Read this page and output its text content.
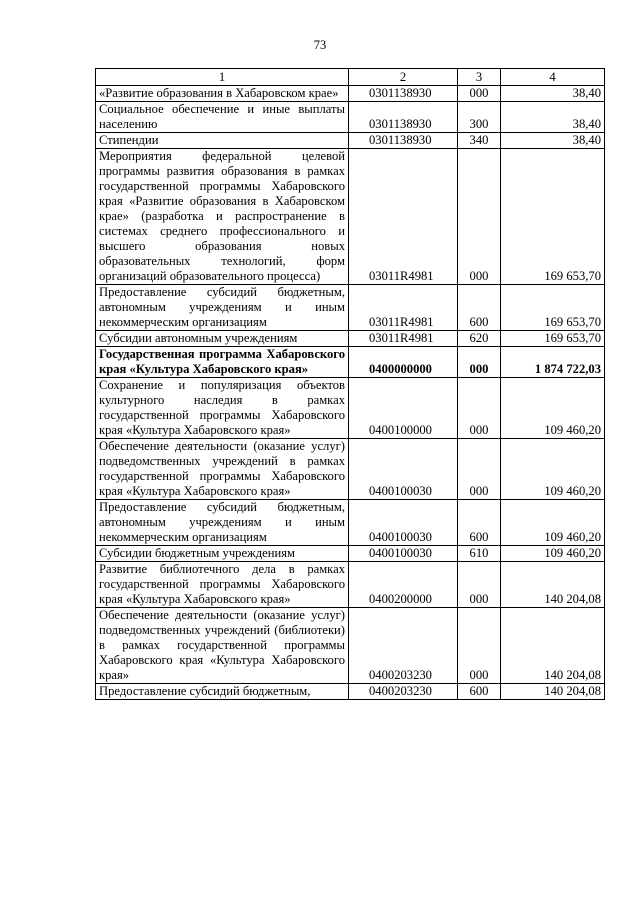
73
1	2	3	4
«Развитие образования в Хабаровском крае»	0301138930	000	38,40
Социальное обеспечение и иные выплаты населению	0301138930	300	38,40
Стипендии	0301138930	340	38,40
Мероприятия федеральной целевой программы развития образования в рамках государственной программы Хабаровского края «Развитие образования в Хабаровском крае» (разработка и распространение в системах среднего профессионального и высшего образования новых образовательных технологий, форм организаций образовательного процесса)	03011R4981	000	169 653,70
Предоставление субсидий бюджетным, автономным учреждениям и иным некоммерческим организациям	03011R4981	600	169 653,70
Субсидии автономным учреждениям	03011R4981	620	169 653,70
Государственная программа Хабаровского края «Культура Хабаровского края»	0400000000	000	1 874 722,03
Сохранение и популяризация объектов культурного наследия в рамках государственной программы Хабаровского края «Культура Хабаровского края»	0400100000	000	109 460,20
Обеспечение деятельности (оказание услуг) подведомственных учреждений в рамках государственной программы Хабаровского края «Культура Хабаровского края»	0400100030	000	109 460,20
Предоставление субсидий бюджетным, автономным учреждениям и иным некоммерческим организациям	0400100030	600	109 460,20
Субсидии бюджетным учреждениям	0400100030	610	109 460,20
Развитие библиотечного дела в рамках государственной программы Хабаровского края «Культура Хабаровского края»	0400200000	000	140 204,08
Обеспечение деятельности (оказание услуг) подведомственных учреждений (библиотеки) в рамках государственной программы Хабаровского края «Культура Хабаровского края»	0400203230	000	140 204,08
Предоставление субсидий бюджетным,	0400203230	600	140 204,08
